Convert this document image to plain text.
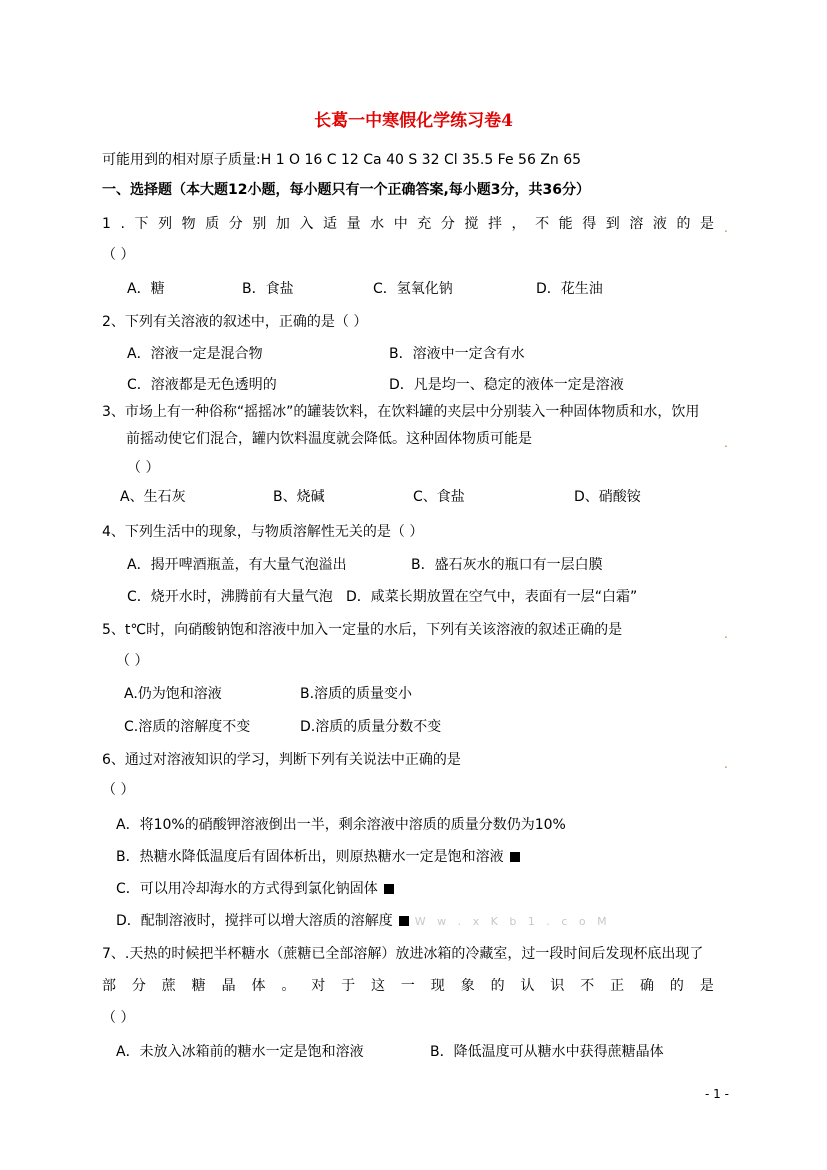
长葛一中寒假化学练习卷4
可能用到的相对原子质量:H 1 O 16 C 12 Ca 40 S 32 Cl 35.5 Fe 56 Zn 65
一、选择题（本大题12小题，每小题只有一个正确答案,每小题3分，共36分）
1 . 下 列 物 质 分 别 加 入 适 量 水 中 充 分 搅 拌 ， 不 能 得 到 溶 液 的 是 .
（ ）
A．糖	B．食盐	C．氢氧化钠	D．花生油
2、下列有关溶液的叙述中，正确的是（ ）
A．溶液一定是混合物	B．溶液中一定含有水
C．溶液都是无色透明的	D．凡是均一、稳定的液体一定是溶液
3、市场上有一种俗称“摇摇冰”的罐装饮料，在饮料罐的夹层中分别装入一种固体物质和水，饮用
前摇动使它们混合，罐内饮料温度就会降低。这种固体物质可能是	.
（ ）
A、生石灰	B、烧碱	C、食盐	D、硝酸铵
4、下列生活中的现象，与物质溶解性无关的是（ ）
A．揭开啤酒瓶盖，有大量气泡溢出	B．盛石灰水的瓶口有一层白膜
C．烧开水时，沸腾前有大量气泡 D．咸菜长期放置在空气中，表面有一层“白霜”
5、t℃时，向硝酸钠饱和溶液中加入一定量的水后，下列有关该溶液的叙述正确的是	.
（ ）
A.仍为饱和溶液	B.溶质的质量变小
C.溶质的溶解度不变	D.溶质的质量分数不变
6、通过对溶液知识的学习，判断下列有关说法中正确的是	.
（ ）
A．将10%的硝酸钾溶液倒出一半，剩余溶液中溶质的质量分数仍为10%
B．热糖水降低温度后有固体析出，则原热糖水一定是饱和溶液
C．可以用冷却海水的方式得到氯化钠固体
D．配制溶液时，搅拌可以增大溶质的溶解度 W w . x K b 1 . c o M
7、.天热的时候把半杯糖水（蔗糖已全部溶解）放进冰箱的冷藏室，过一段时间后发现杯底出现了
部 分 蔗 糖 晶 体 。 对 于 这 一 现 象 的 认 识 不 正 确 的 是
（ ）
A．未放入冰箱前的糖水一定是饱和溶液	B．降低温度可从糖水中获得蔗糖晶体
- 1 -
